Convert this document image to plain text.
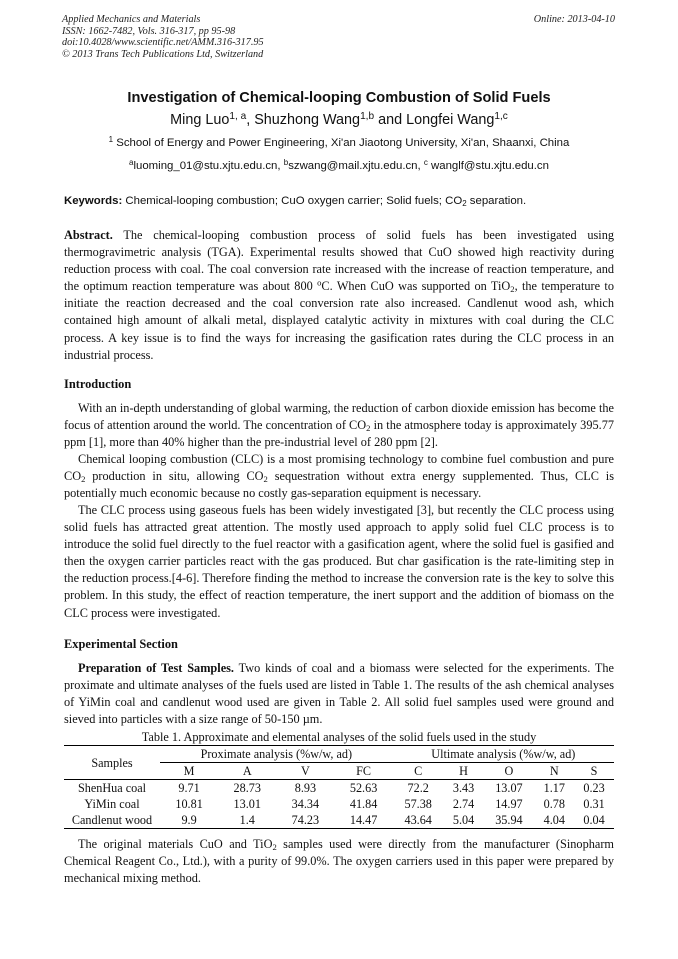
Applied Mechanics and Materials
ISSN: 1662-7482, Vols. 316-317, pp 95-98
doi:10.4028/www.scientific.net/AMM.316-317.95
© 2013 Trans Tech Publications Ltd, Switzerland
Online: 2013-04-10
Investigation of Chemical-looping Combustion of Solid Fuels
Ming Luo$^{1, a}$, Shuzhong Wang$^{1,b}$ and Longfei Wang$^{1,c}$
$^1$ School of Energy and Power Engineering, Xi'an Jiaotong University, Xi'an, Shaanxi, China
$^a$luoming_01@stu.xjtu.edu.cn, $^b$szwang@mail.xjtu.edu.cn, $^c$ wanglf@stu.xjtu.edu.cn
Keywords: Chemical-looping combustion; CuO oxygen carrier; Solid fuels; $CO_2$ separation.
Abstract. The chemical-looping combustion process of solid fuels has been investigated using thermogravimetric analysis (TGA). Experimental results showed that CuO showed high reactivity during reduction process with coal. The coal conversion rate increased with the increase of reaction temperature, and the optimum reaction temperature was about 800 $^o$C. When CuO was supported on TiO$_2$, the temperature to initiate the reaction decreased and the coal conversion rate also increased. Candlenut wood ash, which contained high amount of alkali metal, displayed catalytic activity in mixtures with coal during the CLC process. A key issue is to find the ways for increasing the gasification rates during the CLC process in an industrial process.
Introduction
With an in-depth understanding of global warming, the reduction of carbon dioxide emission has become the focus of attention around the world. The concentration of $CO_2$ in the atmosphere today is approximately 395.77 ppm [1], more than 40% higher than the pre-industrial level of 280 ppm [2].
Chemical looping combustion (CLC) is a most promising technology to combine fuel combustion and pure $CO_2$ production in situ, allowing $CO_2$ sequestration without extra energy supplemented. Thus, CLC is potentially much economic because no costly gas-separation equipment is necessary.
The CLC process using gaseous fuels has been widely investigated [3], but recently the CLC process using solid fuels has attracted great attention. The mostly used approach to apply solid fuel CLC process is to introduce the solid fuel directly to the fuel reactor with a gasification agent, where the solid fuel is gasified and then the oxygen carrier particles react with the gas produced. But char gasification is the rate-limiting step in the reduction process.[4-6]. Therefore finding the method to increase the conversion rate is the key to solve this problem. In this study, the effect of reaction temperature, the inert support and the addition of biomass on the CLC process were investigated.
Experimental Section
Preparation of Test Samples. Two kinds of coal and a biomass were selected for the experiments. The proximate and ultimate analyses of the fuels used are listed in Table 1. The results of the ash chemical analyses of YiMin coal and candlenut wood used are given in Table 2. All solid fuel samples used were ground and sieved into particles with a size range of 50-150 µm.
Table 1. Approximate and elemental analyses of the solid fuels used in the study
Samples	Proximate analysis (%w/w, ad)				Ultimate analysis (%w/w, ad)				
	M	A	V	FC	C	H	O	N	S
ShenHua coal	9.71	28.73	8.93	52.63	72.2	3.43	13.07	1.17	0.23
YiMin coal	10.81	13.01	34.34	41.84	57.38	2.74	14.97	0.78	0.31
Candlenut wood	9.9	1.4	74.23	14.47	43.64	5.04	35.94	4.04	0.04
The original materials CuO and TiO$_2$ samples used were directly from the manufacturer (Sinopharm Chemical Reagent Co., Ltd.), with a purity of 99.0%. The oxygen carriers used in this paper were prepared by mechanical mixing method.
